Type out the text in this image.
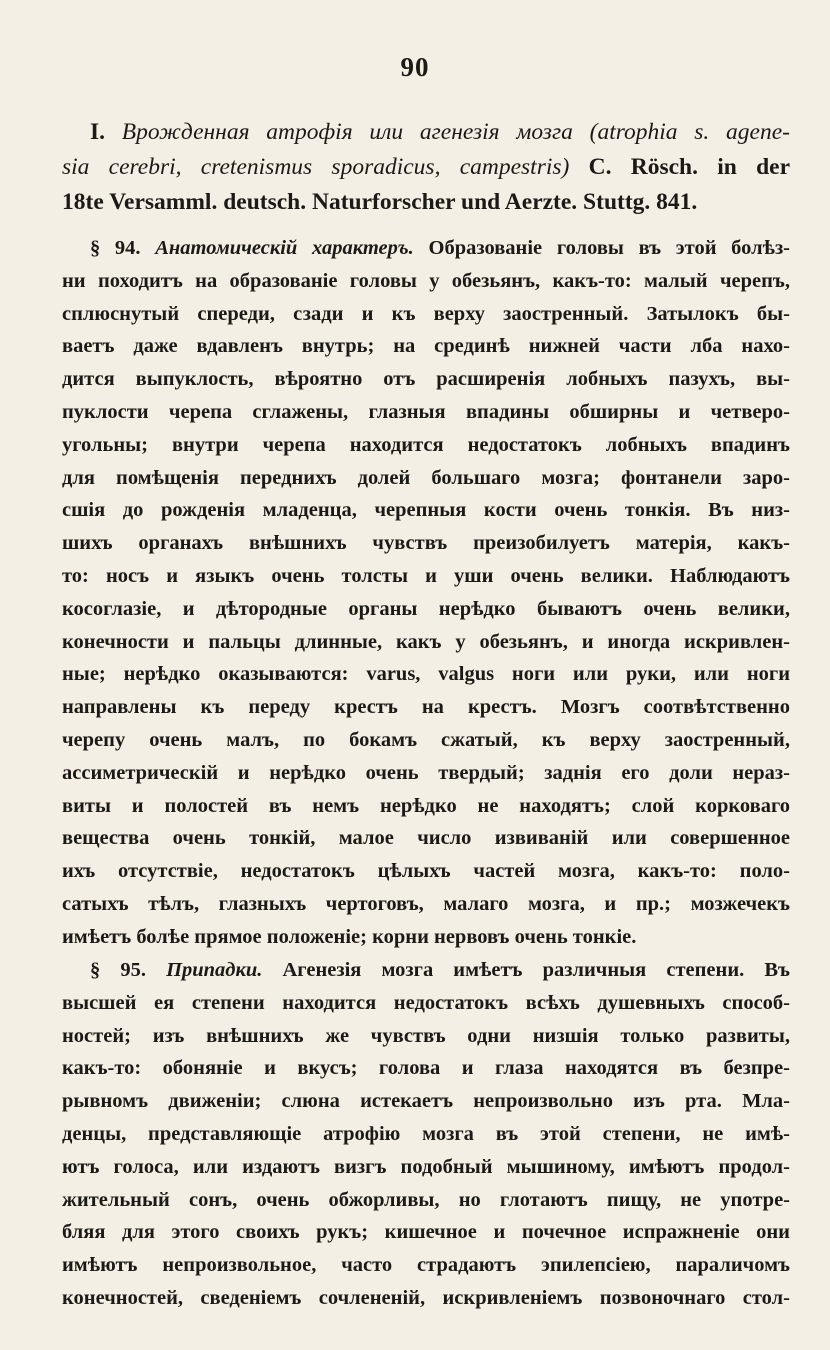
90
I. Врожденная атрофія или агенезія мозга (atrophia s. agene-
sia cerebri, cretenismus sporadicus, campestris) C. Rösch. in der
18te Versamml. deutsch. Naturforscher und Aerzte. Stuttg. 841.
§ 94. Анатомическій характеръ. Образованіе головы въ этой болѣз-
ни походитъ на образованіе головы у обезьянъ, какъ-то: малый черепъ,
сплюснутый спереди, сзади и къ верху заостренный. Затылокъ бы-
ваетъ даже вдавленъ внутрь; на срединѣ нижней части лба нахо-
дится выпуклость, вѣроятно отъ расширенія лобныхъ пазухъ, вы-
пуклости черепа сглажены, глазныя впадины обширны и четверо-
угольны; внутри черепа находится недостатокъ лобныхъ впадинъ
для помѣщенія переднихъ долей большаго мозга; фонтанели заро-
сшія до рожденія младенца, черепныя кости очень тонкія. Въ низ-
шихъ органахъ внѣшнихъ чувствъ преизобилуетъ матерія, какъ-
то: носъ и языкъ очень толсты и уши очень велики. Наблюдаютъ
косоглазіе, и дѣтородные органы нерѣдко бываютъ очень велики,
конечности и пальцы длинные, какъ у обезьянъ, и иногда искривлен-
ные; нерѣдко оказываются: varus, valgus ноги или руки, или ноги
направлены къ переду крестъ на крестъ. Мозгъ соотвѣтственно
черепу очень малъ, по бокамъ сжатый, къ верху заостренный,
ассиметрическій и нерѣдко очень твердый; заднія его доли нераз-
виты и полостей въ немъ нерѣдко не находятъ; слой корковаго
вещества очень тонкій, малое число извиваній или совершенное
ихъ отсутствіе, недостатокъ цѣлыхъ частей мозга, какъ-то: поло-
сатыхъ тѣлъ, глазныхъ чертоговъ, малаго мозга, и пр.; мозжечекъ
имѣетъ болѣе прямое положеніе; корни нервовъ очень тонкіе.
§ 95. Припадки. Агенезія мозга имѣетъ различныя степени. Въ
высшей ея степени находится недостатокъ всѣхъ душевныхъ способ-
ностей; изъ внѣшнихъ же чувствъ одни низшія только развиты,
какъ-то: обоняніе и вкусъ; голова и глаза находятся въ безпре-
рывномъ движеніи; слюна истекаетъ непроизвольно изъ рта. Мла-
денцы, представляющіе атрофію мозга въ этой степени, не имѣ-
ютъ голоса, или издаютъ визгъ подобный мышиному, имѣютъ продол-
жительный сонъ, очень обжорливы, но глотаютъ пищу, не употре-
бляя для этого своихъ рукъ; кишечное и почечное испражненіе они
имѣютъ непроизвольное, часто страдаютъ эпилепсіею, параличомъ
конечностей, сведеніемъ сочлененій, искривленіемъ позвоночнаго стол-
